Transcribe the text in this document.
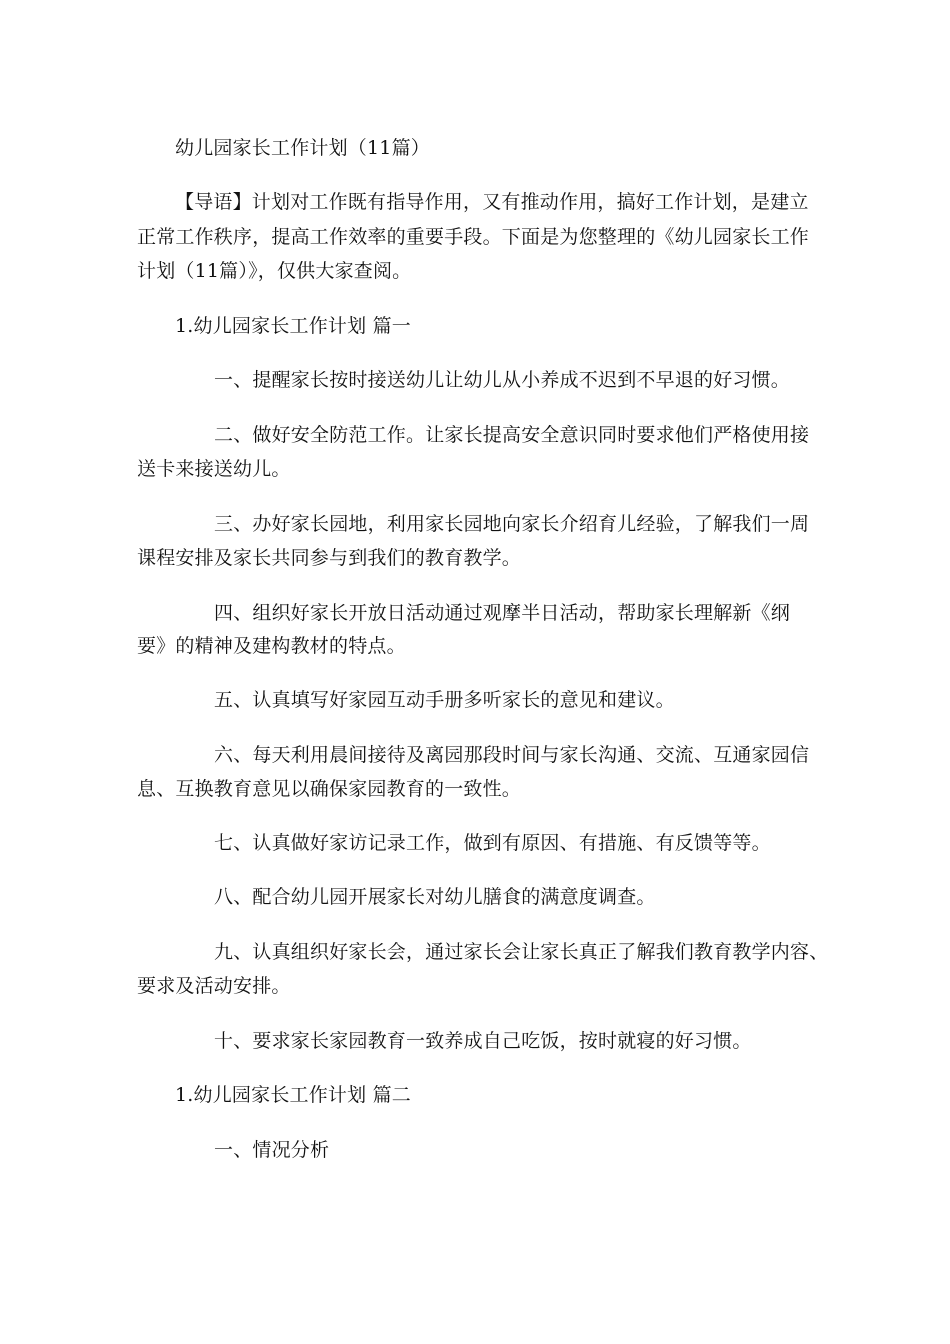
幼儿园家长工作计划（11篇）
【导语】计划对工作既有指导作用，又有推动作用，搞好工作计划，是建立
正常工作秩序，提高工作效率的重要手段。下面是为您整理的《幼儿园家长工作
计划（11篇）》，仅供大家查阅。
1.幼儿园家长工作计划 篇一
一、提醒家长按时接送幼儿让幼儿从小养成不迟到不早退的好习惯。
二、做好安全防范工作。让家长提高安全意识同时要求他们严格使用接
送卡来接送幼儿。
三、办好家长园地，利用家长园地向家长介绍育儿经验，了解我们一周
课程安排及家长共同参与到我们的教育教学。
四、组织好家长开放日活动通过观摩半日活动，帮助家长理解新《纲
要》的精神及建构教材的特点。
五、认真填写好家园互动手册多听家长的意见和建议。
六、每天利用晨间接待及离园那段时间与家长沟通、交流、互通家园信
息、互换教育意见以确保家园教育的一致性。
七、认真做好家访记录工作，做到有原因、有措施、有反馈等等。
八、配合幼儿园开展家长对幼儿膳食的满意度调查。
九、认真组织好家长会，通过家长会让家长真正了解我们教育教学内容、
要求及活动安排。
十、要求家长家园教育一致养成自己吃饭，按时就寝的好习惯。
1.幼儿园家长工作计划 篇二
一、情况分析
